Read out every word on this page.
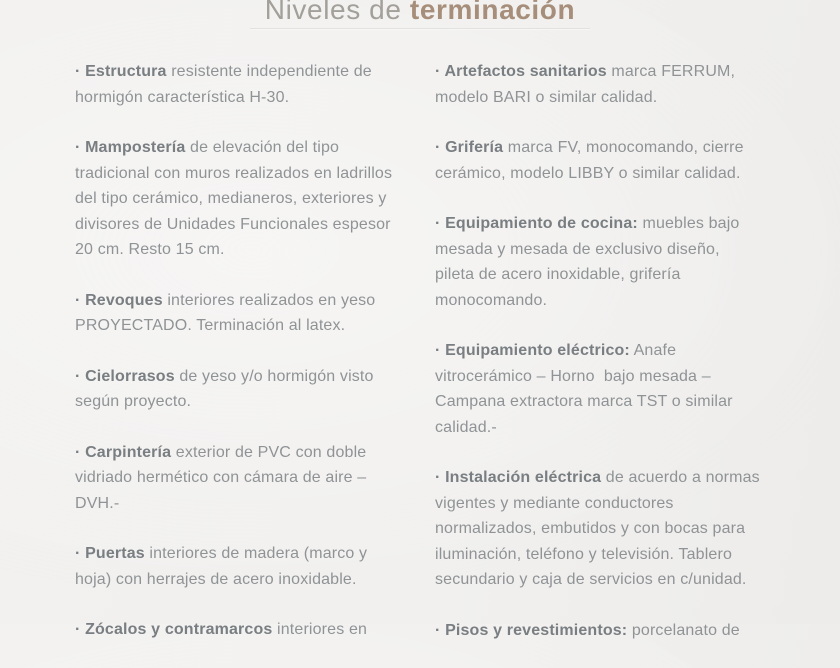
Niveles de terminación

· Estructura resistente independiente de
hormigón característica H-30.

· Mampostería de elevación del tipo
tradicional con muros realizados en ladrillos
del tipo cerámico, medianeros, exteriores y
divisores de Unidades Funcionales espesor
20 cm. Resto 15 cm.

· Revoques interiores realizados en yeso
PROYECTADO. Terminación al latex.

· Cielorrasos de yeso y/o hormigón visto
según proyecto.

· Carpintería exterior de PVC con doble
vidriado hermético con cámara de aire –
DVH.-

· Puertas interiores de madera (marco y
hoja) con herrajes de acero inoxidable.

· Zócalos y contramarcos interiores en

· Artefactos sanitarios marca FERRUM,
modelo BARI o similar calidad.

· Grifería marca FV, monocomando, cierre
cerámico, modelo LIBBY o similar calidad.

· Equipamiento de cocina: muebles bajo
mesada y mesada de exclusivo diseño,
pileta de acero inoxidable, grifería
monocomando.

· Equipamiento eléctrico: Anafe
vitrocerámico – Horno  bajo mesada –
Campana extractora marca TST o similar
calidad.-

· Instalación eléctrica de acuerdo a normas
vigentes y mediante conductores
normalizados, embutidos y con bocas para
iluminación, teléfono y televisión. Tablero
secundario y caja de servicios en c/unidad.

· Pisos y revestimientos: porcelanato de
